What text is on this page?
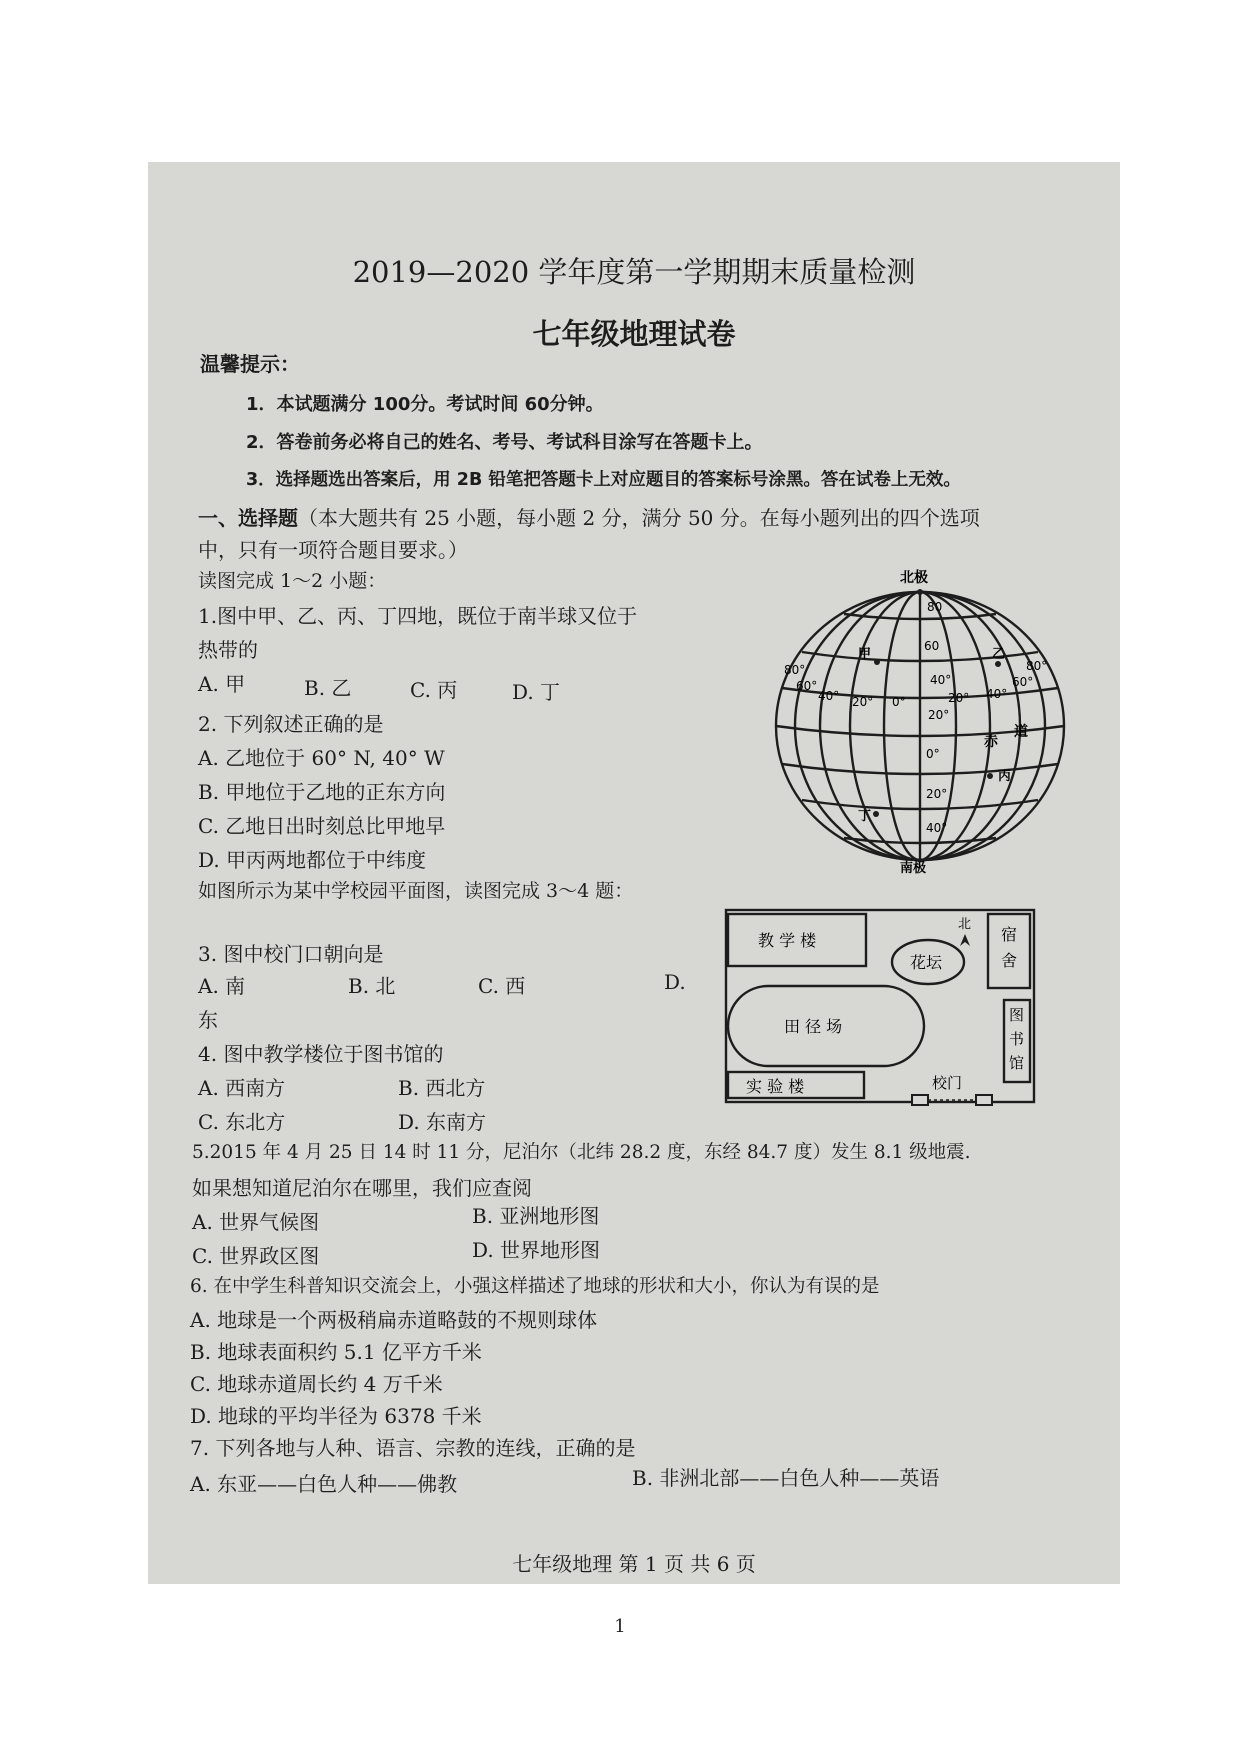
2019—2020 学年度第一学期期末质量检测
七年级地理试卷
温馨提示：
1．本试题满分 100分。考试时间 60分钟。
2．答卷前务必将自己的姓名、考号、考试科目涂写在答题卡上。
3．选择题选出答案后，用 2B 铅笔把答题卡上对应题目的答案标号涂黑。答在试卷上无效。
一、选择题（本大题共有 25 小题，每小题 2 分，满分 50 分。在每小题列出的四个选项
中，只有一项符合题目要求。）
读图完成 1～2 小题：
1.图中甲、乙、丙、丁四地，既位于南半球又位于
热带的
A. 甲	B. 乙	C. 丙	D. 丁
2. 下列叙述正确的是
A. 乙地位于 60° N, 40° W
B. 甲地位于乙地的正东方向
C. 乙地日出时刻总比甲地早
D. 甲丙两地都位于中纬度
如图所示为某中学校园平面图，读图完成 3～4 题：
北极
南极
80
60
40°
20°
0°
20°
40°
80°
60°
40° 20° 0°	20° 40°
60°
80°
甲	乙
丙
丁
赤
道
3. 图中校门口朝向是
A. 南	B. 北	C. 西	D.
东
北
教 学 楼
花坛
宿
舍
田 径 场
图
书
馆
实 验 楼	校门
4. 图中教学楼位于图书馆的
A. 西南方	B. 西北方
C. 东北方	D. 东南方
5.2015 年 4 月 25 日 14 时 11 分，尼泊尔（北纬 28.2 度，东经 84.7 度）发生 8.1 级地震.
如果想知道尼泊尔在哪里，我们应查阅
A. 世界气候图	B. 亚洲地形图
C. 世界政区图	D. 世界地形图
6. 在中学生科普知识交流会上，小强这样描述了地球的形状和大小，你认为有误的是
A. 地球是一个两极稍扁赤道略鼓的不规则球体
B. 地球表面积约 5.1 亿平方千米
C. 地球赤道周长约 4 万千米
D. 地球的平均半径为 6378 千米
7. 下列各地与人种、语言、宗教的连线，正确的是
A. 东亚——白色人种——佛教	B. 非洲北部——白色人种——英语
七年级地理 第 1 页 共 6 页
1
